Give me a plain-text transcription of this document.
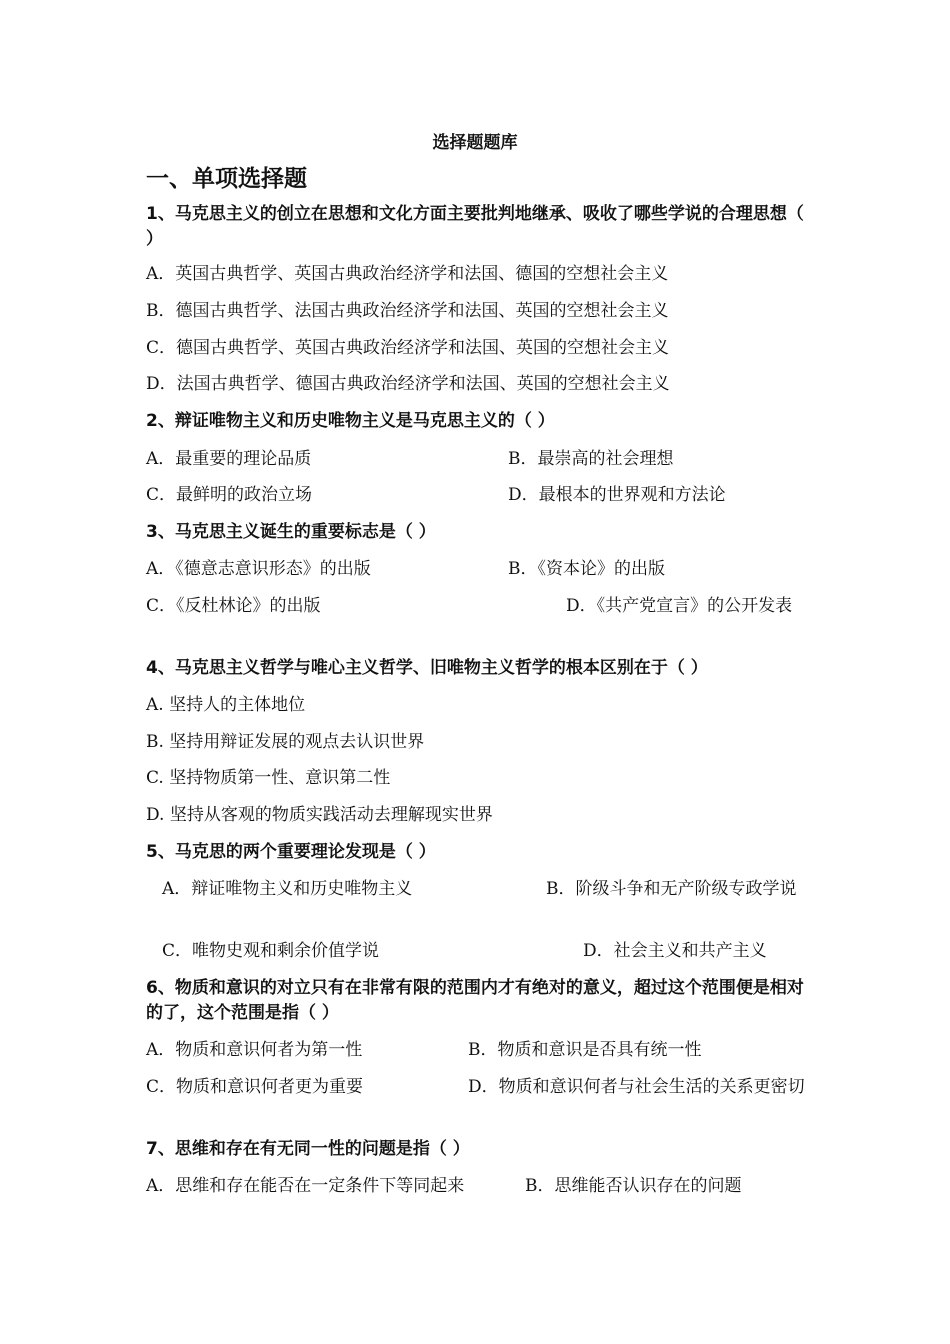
选择题题库
一、单项选择题
1、马克思主义的创立在思想和文化方面主要批判地继承、吸收了哪些学说的合理思想（ ）
A．英国古典哲学、英国古典政治经济学和法国、德国的空想社会主义
B．德国古典哲学、法国古典政治经济学和法国、英国的空想社会主义
C．德国古典哲学、英国古典政治经济学和法国、英国的空想社会主义
D．法国古典哲学、德国古典政治经济学和法国、英国的空想社会主义
2、辩证唯物主义和历史唯物主义是马克思主义的（ ）
A．最重要的理论品质	B．最崇高的社会理想
C．最鲜明的政治立场	D．最根本的世界观和方法论
3、马克思主义诞生的重要标志是（ ）
A．《德意志意识形态》的出版	B．《资本论》的出版
C．《反杜林论》的出版	D．《共产党宣言》的公开发表
4、马克思主义哲学与唯心主义哲学、旧唯物主义哲学的根本区别在于（ ）
A. 坚持人的主体地位
B. 坚持用辩证发展的观点去认识世界
C. 坚持物质第一性、意识第二性
D. 坚持从客观的物质实践活动去理解现实世界
5、马克思的两个重要理论发现是（ ）
A．辩证唯物主义和历史唯物主义	B．阶级斗争和无产阶级专政学说
C．唯物史观和剩余价值学说	D．社会主义和共产主义
6、物质和意识的对立只有在非常有限的范围内才有绝对的意义，超过这个范围便是相对的了，这个范围是指（ ）
A．物质和意识何者为第一性	B．物质和意识是否具有统一性
C．物质和意识何者更为重要	D．物质和意识何者与社会生活的关系更密切
7、思维和存在有无同一性的问题是指（ ）
A．思维和存在能否在一定条件下等同起来	B．思维能否认识存在的问题
